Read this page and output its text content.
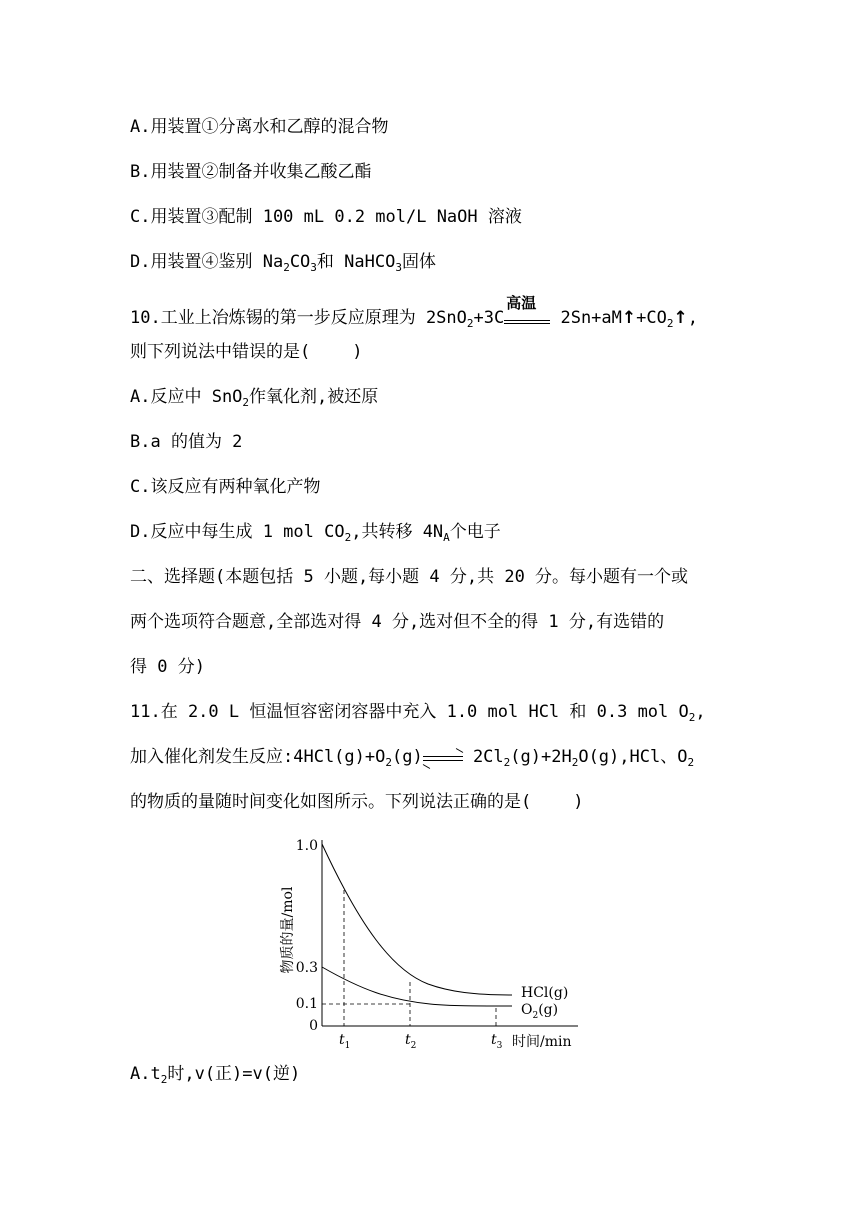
A.用装置①分离水和乙醇的混合物
B.用装置②制备并收集乙酸乙酯
C.用装置③配制 100 mL 0.2 mol/L NaOH 溶液
D.用装置④鉴别 $Na_2CO_3$和 NaHCO$_3$固体
10.工业上冶炼锡的第一步反应原理为 2SnO$_2$+3C
高温
$2Sn+aM↑+CO_2↑$,
则下列说法中错误的是( )
A.反应中 SnO$_2$作氧化剂,被还原
B.a 的值为 2
C.该反应有两种氧化产物
D.反应中每生成 1 mol $CO_2$,共转移 $4N_A$个电子
二、选择题(本题包括 5 小题,每小题 4 分,共 20 分。每小题有一个或
两个选项符合题意,全部选对得 4 分,选对但不全的得 1 分,有选错的
得 0 分)
11.在 2.0 L 恒温恒容密闭容器中充入 1.0 mol HCl 和 0.3 mol $O_2$,
加入催化剂发生反应$:4HCl(g)+O_2(g)$
$2Cl_2(g)+2H_2O(g),HCl$、$O_2$
的物质的量随时间变化如图所示。下列说法正确的是( )
物质的量/mol
1.0
0.3
0.1
0
HCl(g)
$O_2(g)$
$t_1$	$t_2$	$t_3$ 时间/min
$A.t_2$时,v(正)=v(逆)
